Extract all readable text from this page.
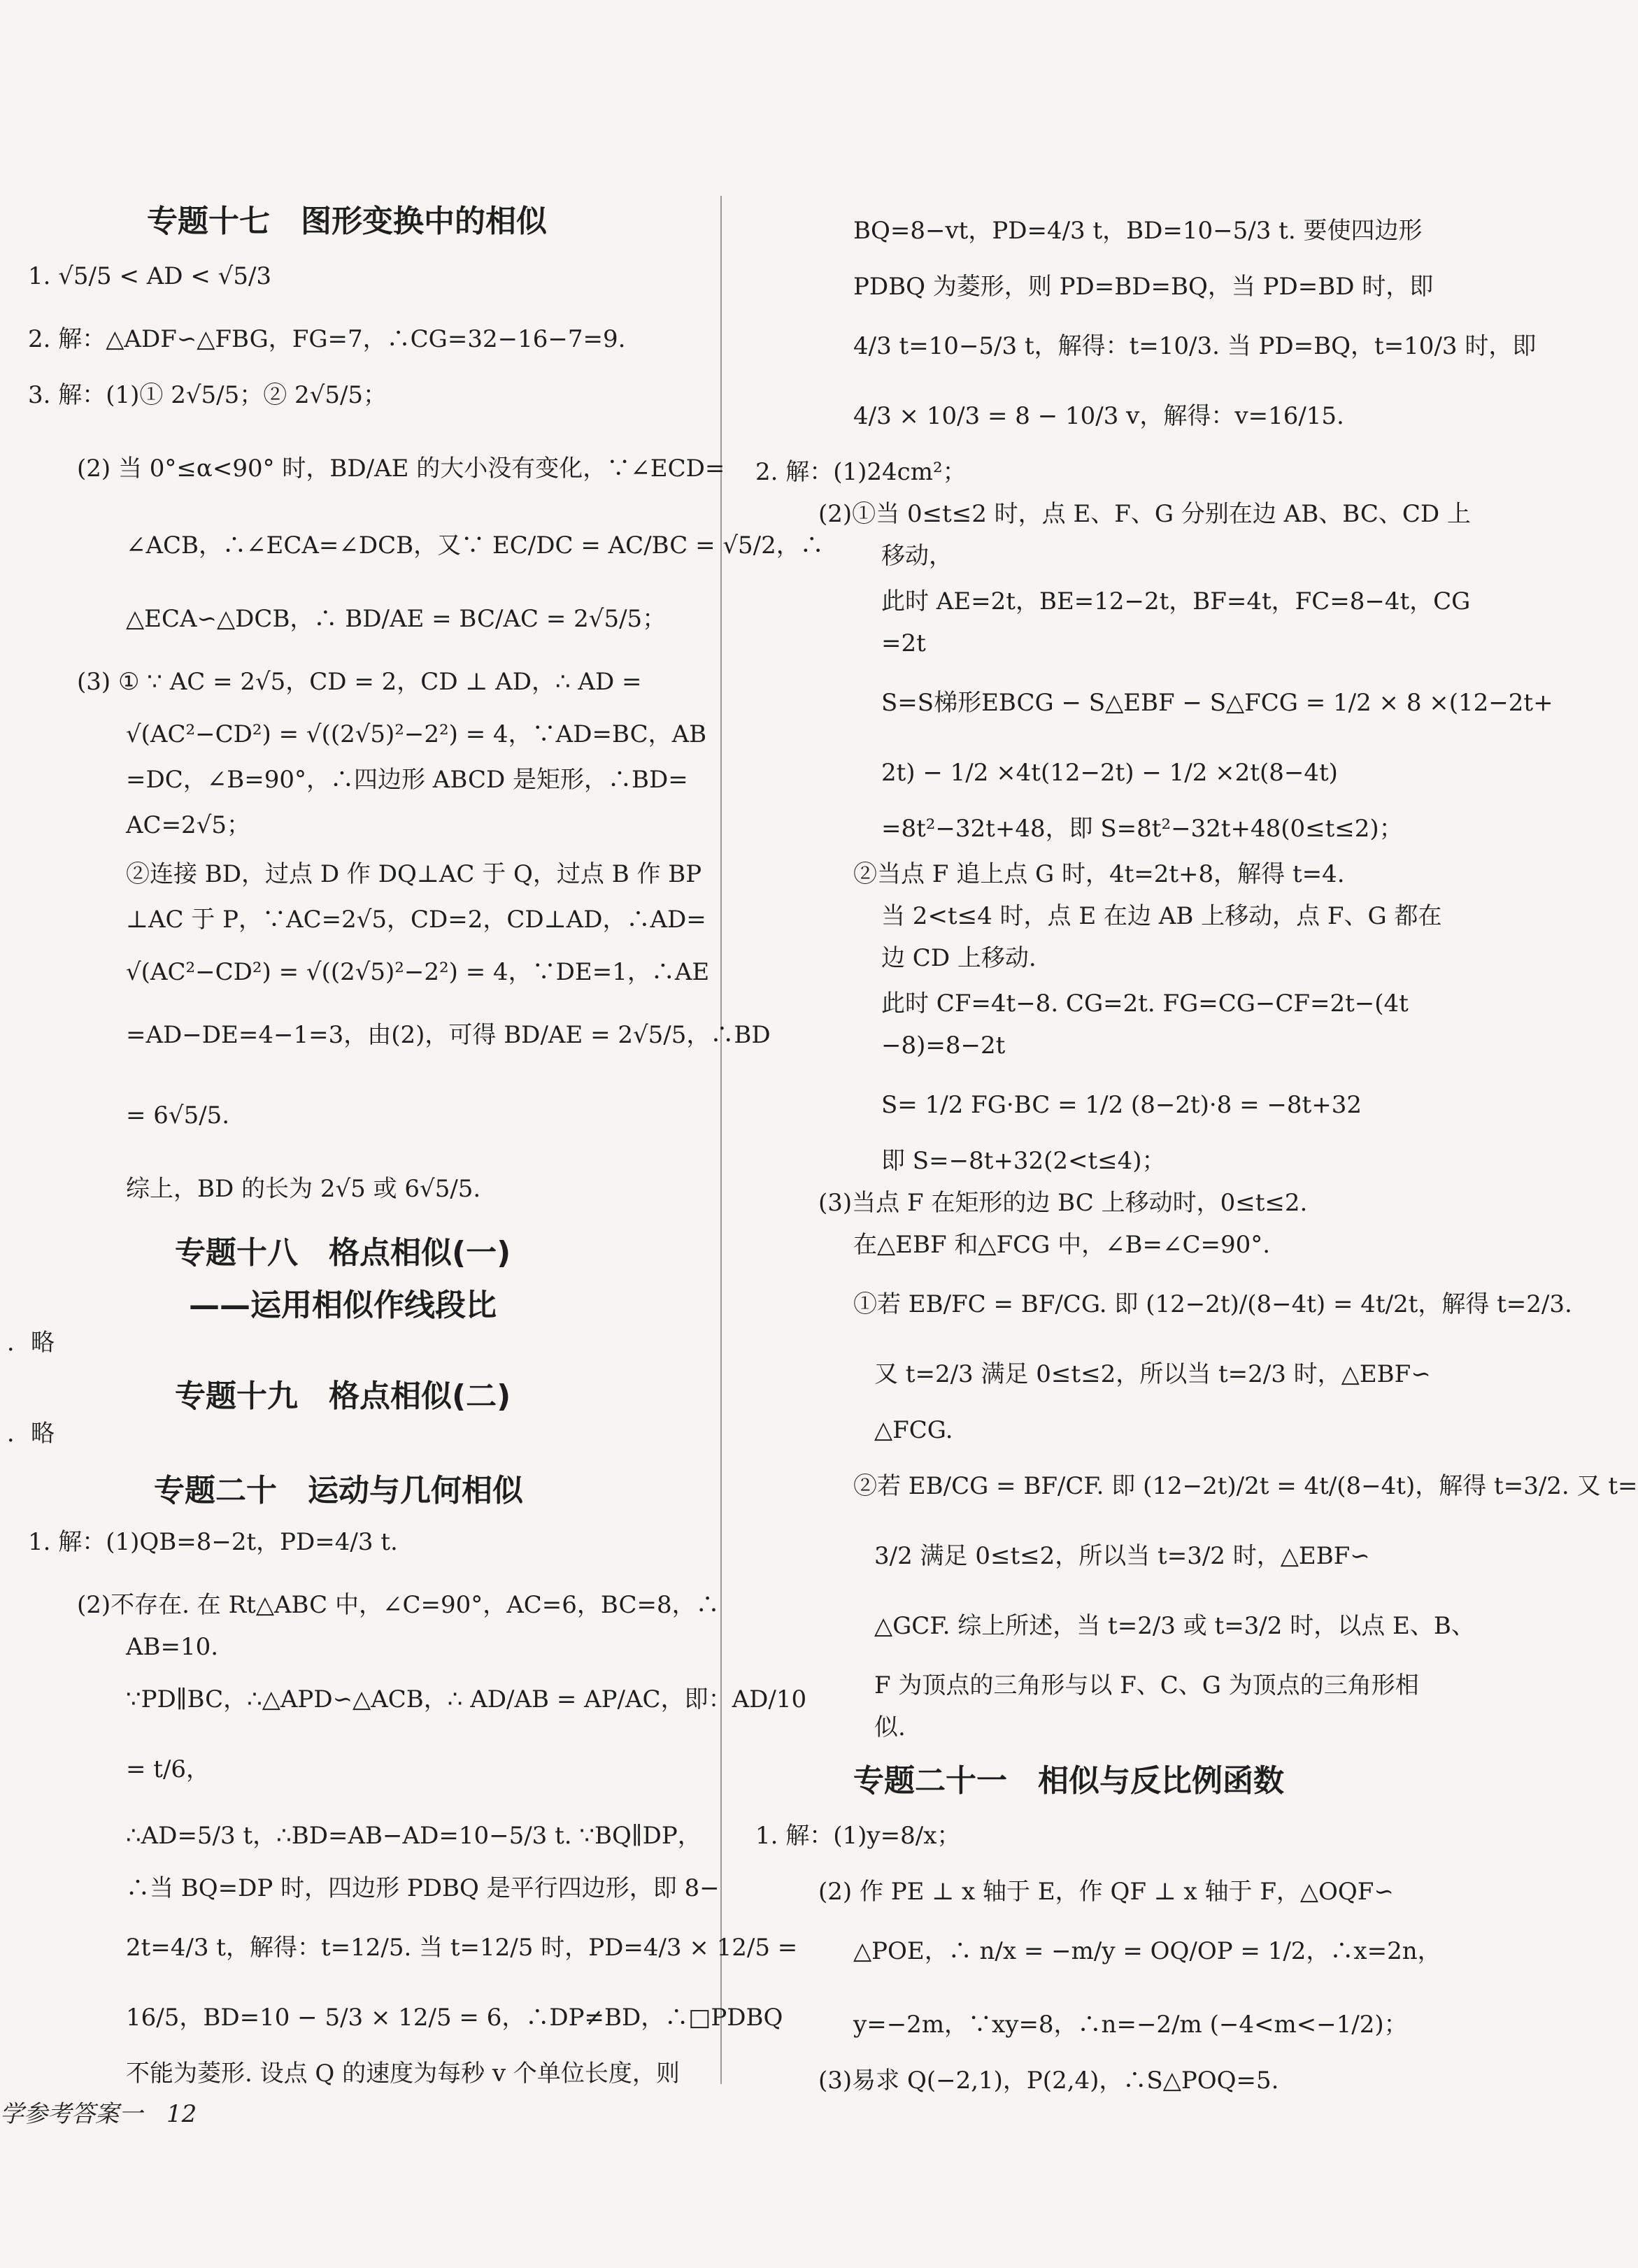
专题十七　图形变换中的相似
1. √5/5 < AD < √5/3
2. 解：△ADF∽△FBG，FG=7，∴CG=32−16−7=9.
3. 解：(1)① 2√5/5；② 2√5/5；
(2) 当 0°≤α<90° 时，BD/AE 的大小没有变化，∵∠ECD=
∠ACB，∴∠ECA=∠DCB，又∵ EC/DC = AC/BC = √5/2，∴
△ECA∽△DCB，∴ BD/AE = BC/AC = 2√5/5；
(3) ① ∵ AC = 2√5，CD = 2，CD ⊥ AD，∴ AD =
√(AC²−CD²) = √((2√5)²−2²) = 4，∵AD=BC，AB
=DC，∠B=90°，∴四边形 ABCD 是矩形，∴BD=
AC=2√5；
②连接 BD，过点 D 作 DQ⊥AC 于 Q，过点 B 作 BP
⊥AC 于 P，∵AC=2√5，CD=2，CD⊥AD，∴AD=
√(AC²−CD²) = √((2√5)²−2²) = 4，∵DE=1，∴AE
=AD−DE=4−1=3，由(2)，可得 BD/AE = 2√5/5，∴BD
= 6√5/5.
综上，BD 的长为 2√5 或 6√5/5.
专题十八　格点相似(一)
——运用相似作线段比
．略
专题十九　格点相似(二)
．略
专题二十　运动与几何相似
1. 解：(1)QB=8−2t，PD=4/3 t.
(2)不存在. 在 Rt△ABC 中，∠C=90°，AC=6，BC=8，∴
AB=10.
∵PD∥BC，∴△APD∽△ACB，∴ AD/AB = AP/AC，即：AD/10
= t/6，
∴AD=5/3 t，∴BD=AB−AD=10−5/3 t. ∵BQ∥DP，
∴当 BQ=DP 时，四边形 PDBQ 是平行四边形，即 8−
2t=4/3 t，解得：t=12/5. 当 t=12/5 时，PD=4/3 × 12/5 =
16/5，BD=10 − 5/3 × 12/5 = 6，∴DP≠BD，∴□PDBQ
不能为菱形. 设点 Q 的速度为每秒 v 个单位长度，则
BQ=8−vt，PD=4/3 t，BD=10−5/3 t. 要使四边形
PDBQ 为菱形，则 PD=BD=BQ，当 PD=BD 时，即
4/3 t=10−5/3 t，解得：t=10/3. 当 PD=BQ，t=10/3 时，即
4/3 × 10/3 = 8 − 10/3 v，解得：v=16/15.
2. 解：(1)24cm²；
(2)①当 0≤t≤2 时，点 E、F、G 分别在边 AB、BC、CD 上
移动，
此时 AE=2t，BE=12−2t，BF=4t，FC=8−4t，CG
=2t
S=S梯形EBCG − S△EBF − S△FCG = 1/2 × 8 ×(12−2t+
2t) − 1/2 ×4t(12−2t) − 1/2 ×2t(8−4t)
=8t²−32t+48，即 S=8t²−32t+48(0≤t≤2)；
②当点 F 追上点 G 时，4t=2t+8，解得 t=4.
当 2<t≤4 时，点 E 在边 AB 上移动，点 F、G 都在
边 CD 上移动.
此时 CF=4t−8. CG=2t. FG=CG−CF=2t−(4t
−8)=8−2t
S= 1/2 FG·BC = 1/2 (8−2t)·8 = −8t+32
即 S=−8t+32(2<t≤4)；
(3)当点 F 在矩形的边 BC 上移动时，0≤t≤2.
在△EBF 和△FCG 中，∠B=∠C=90°.
①若 EB/FC = BF/CG. 即 (12−2t)/(8−4t) = 4t/2t，解得 t=2/3.
又 t=2/3 满足 0≤t≤2，所以当 t=2/3 时，△EBF∽
△FCG.
②若 EB/CG = BF/CF. 即 (12−2t)/2t = 4t/(8−4t)，解得 t=3/2. 又 t=
3/2 满足 0≤t≤2，所以当 t=3/2 时，△EBF∽
△GCF. 综上所述，当 t=2/3 或 t=3/2 时，以点 E、B、
F 为顶点的三角形与以 F、C、G 为顶点的三角形相
似.
专题二十一　相似与反比例函数
1. 解：(1)y=8/x；
(2) 作 PE ⊥ x 轴于 E，作 QF ⊥ x 轴于 F，△OQF∽
△POE，∴ n/x = −m/y = OQ/OP = 1/2，∴x=2n，
y=−2m，∵xy=8，∴n=−2/m (−4<m<−1/2)；
(3)易求 Q(−2,1)，P(2,4)，∴S△POQ=5.
学参考答案一　12
